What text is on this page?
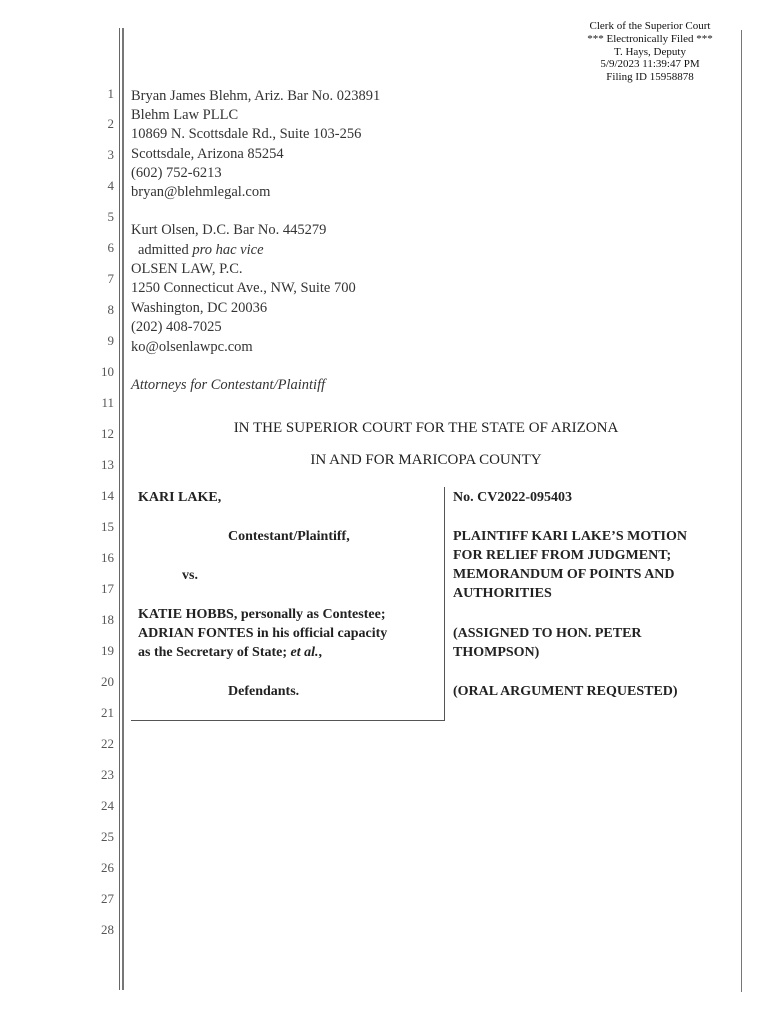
Clerk of the Superior Court
*** Electronically Filed ***
T. Hays, Deputy
5/9/2023 11:39:47 PM
Filing ID 15958878
1
2
3
4
5
6
7
8
9
10
11
12
13
14
15
16
17
18
19
20
21
22
23
24
25
26
27
28
Bryan James Blehm, Ariz. Bar No. 023891
Blehm Law PLLC
10869 N. Scottsdale Rd., Suite 103-256
Scottsdale, Arizona 85254
(602) 752-6213
bryan@blehmlegal.com
Kurt Olsen, D.C. Bar No. 445279
admitted pro hac vice
OLSEN LAW, P.C.
1250 Connecticut Ave., NW, Suite 700
Washington, DC 20036
(202) 408-7025
ko@olsenlawpc.com
Attorneys for Contestant/Plaintiff
IN THE SUPERIOR COURT FOR THE STATE OF ARIZONA
IN AND FOR MARICOPA COUNTY
KARI LAKE,
Contestant/Plaintiff,
vs.
KATIE HOBBS, personally as Contestee;
ADRIAN FONTES in his official capacity
as the Secretary of State; et al.,
Defendants.
No. CV2022-095403
PLAINTIFF KARI LAKE’S MOTION
FOR RELIEF FROM JUDGMENT;
MEMORANDUM OF POINTS AND
AUTHORITIES
(ASSIGNED TO HON. PETER
THOMPSON)
(ORAL ARGUMENT REQUESTED)
